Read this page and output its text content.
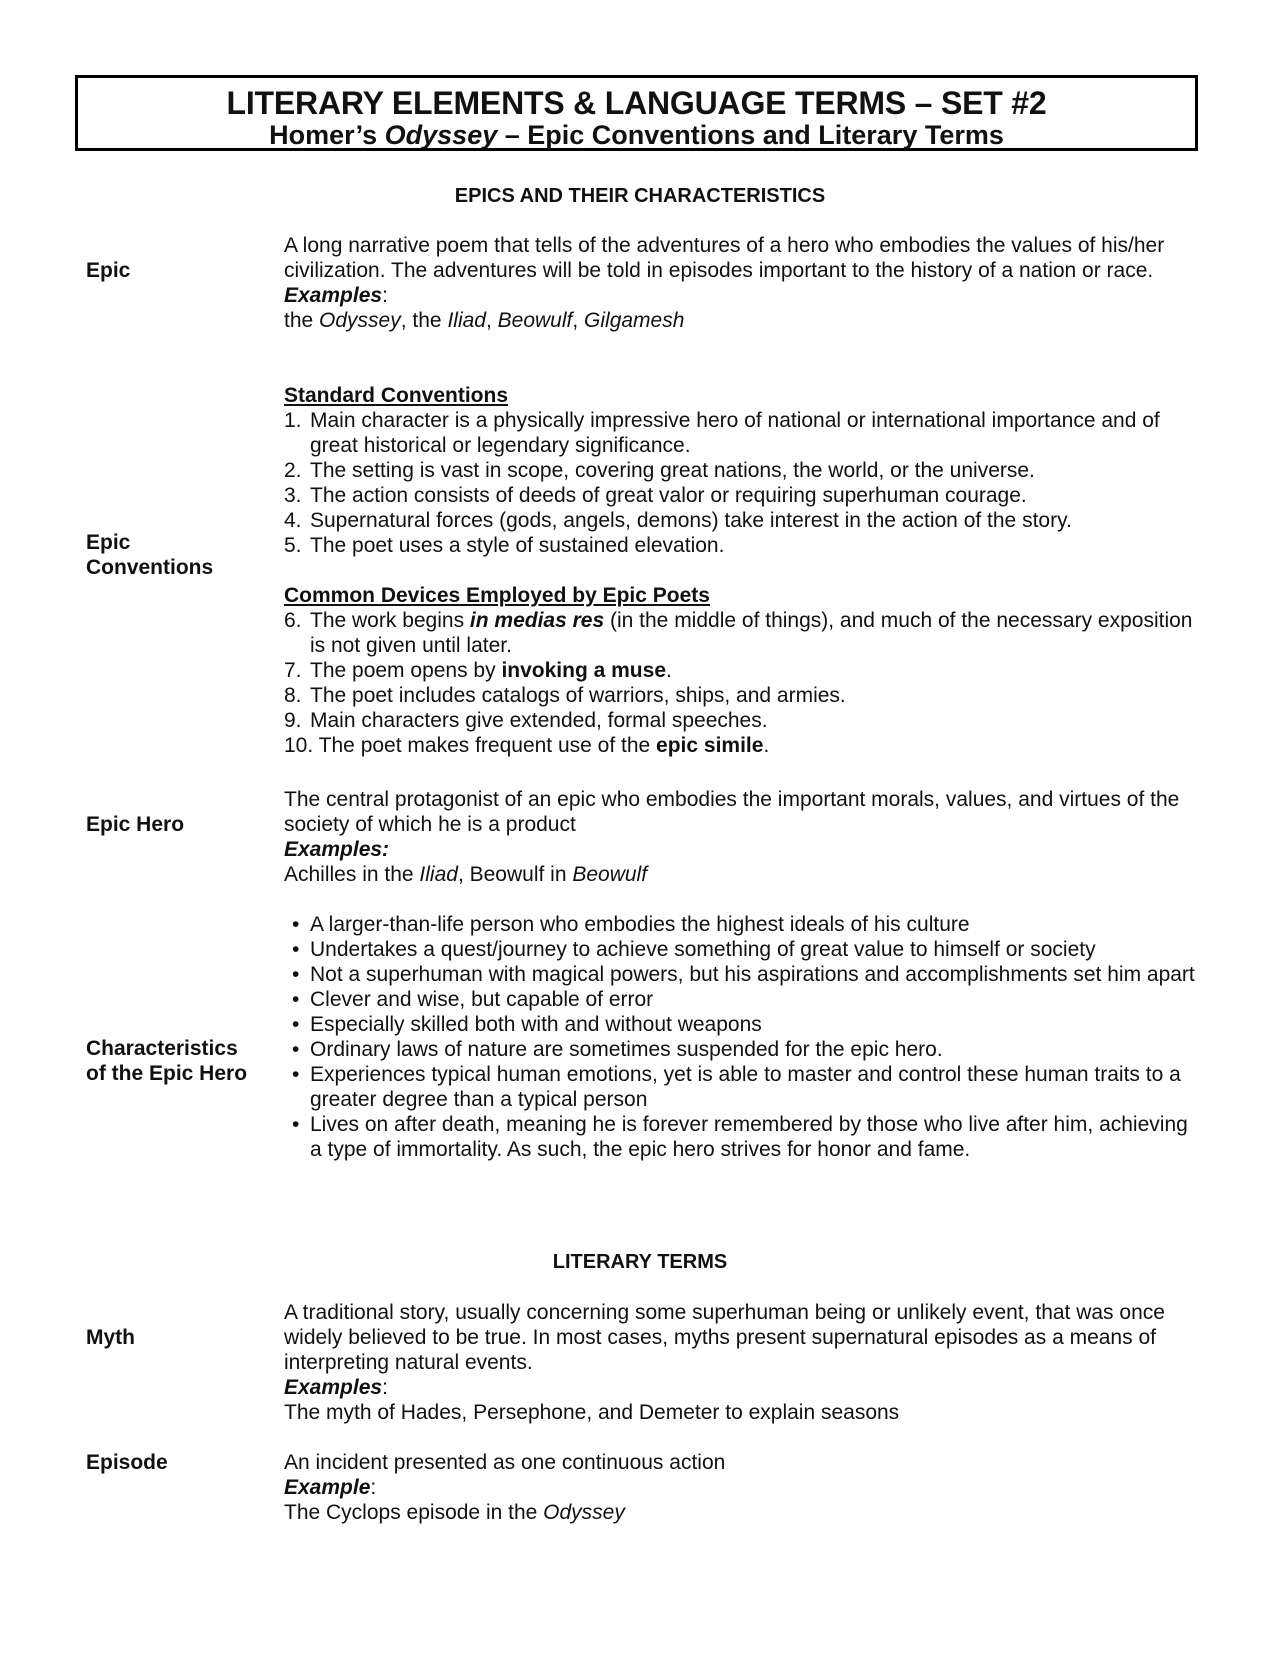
LITERARY ELEMENTS & LANGUAGE TERMS – SET #2
Homer’s Odyssey – Epic Conventions and Literary Terms
EPICS AND THEIR CHARACTERISTICS
Epic

A long narrative poem that tells of the adventures of a hero who embodies the values of his/her civilization. The adventures will be told in episodes important to the history of a nation or race.

Examples:

the Odyssey, the Iliad, Beowulf, Gilgamesh

Epic
Conventions

Standard Conventions

1. Main character is a physically impressive hero of national or international importance and of great historical or legendary significance.
2. The setting is vast in scope, covering great nations, the world, or the universe.
3. The action consists of deeds of great valor or requiring superhuman courage.
4. Supernatural forces (gods, angels, demons) take interest in the action of the story.
5. The poet uses a style of sustained elevation.

Common Devices Employed by Epic Poets

6. The work begins in medias res (in the middle of things), and much of the necessary exposition is not given until later.
7. The poem opens by invoking a muse.
8. The poet includes catalogs of warriors, ships, and armies.
9. Main characters give extended, formal speeches.
10. The poet makes frequent use of the epic simile.
Epic Hero

The central protagonist of an epic who embodies the important morals, values, and virtues of the society of which he is a product

Examples:

Achilles in the Iliad, Beowulf in Beowulf

Characteristics
of the Epic Hero
• A larger-than-life person who embodies the highest ideals of his culture
• Undertakes a quest/journey to achieve something of great value to himself or society
• Not a superhuman with magical powers, but his aspirations and accomplishments set him apart
• Clever and wise, but capable of error
• Especially skilled both with and without weapons
• Ordinary laws of nature are sometimes suspended for the epic hero.
• Experiences typical human emotions, yet is able to master and control these human traits to a greater degree than a typical person
• Lives on after death, meaning he is forever remembered by those who live after him, achieving a type of immortality. As such, the epic hero strives for honor and fame.
LITERARY TERMS
Myth

A traditional story, usually concerning some superhuman being or unlikely event, that was once widely believed to be true. In most cases, myths present supernatural episodes as a means of interpreting natural events.

Examples:

The myth of Hades, Persephone, and Demeter to explain seasons

Episode	An incident presented as one continuous action

Example:

The Cyclops episode in the Odyssey
